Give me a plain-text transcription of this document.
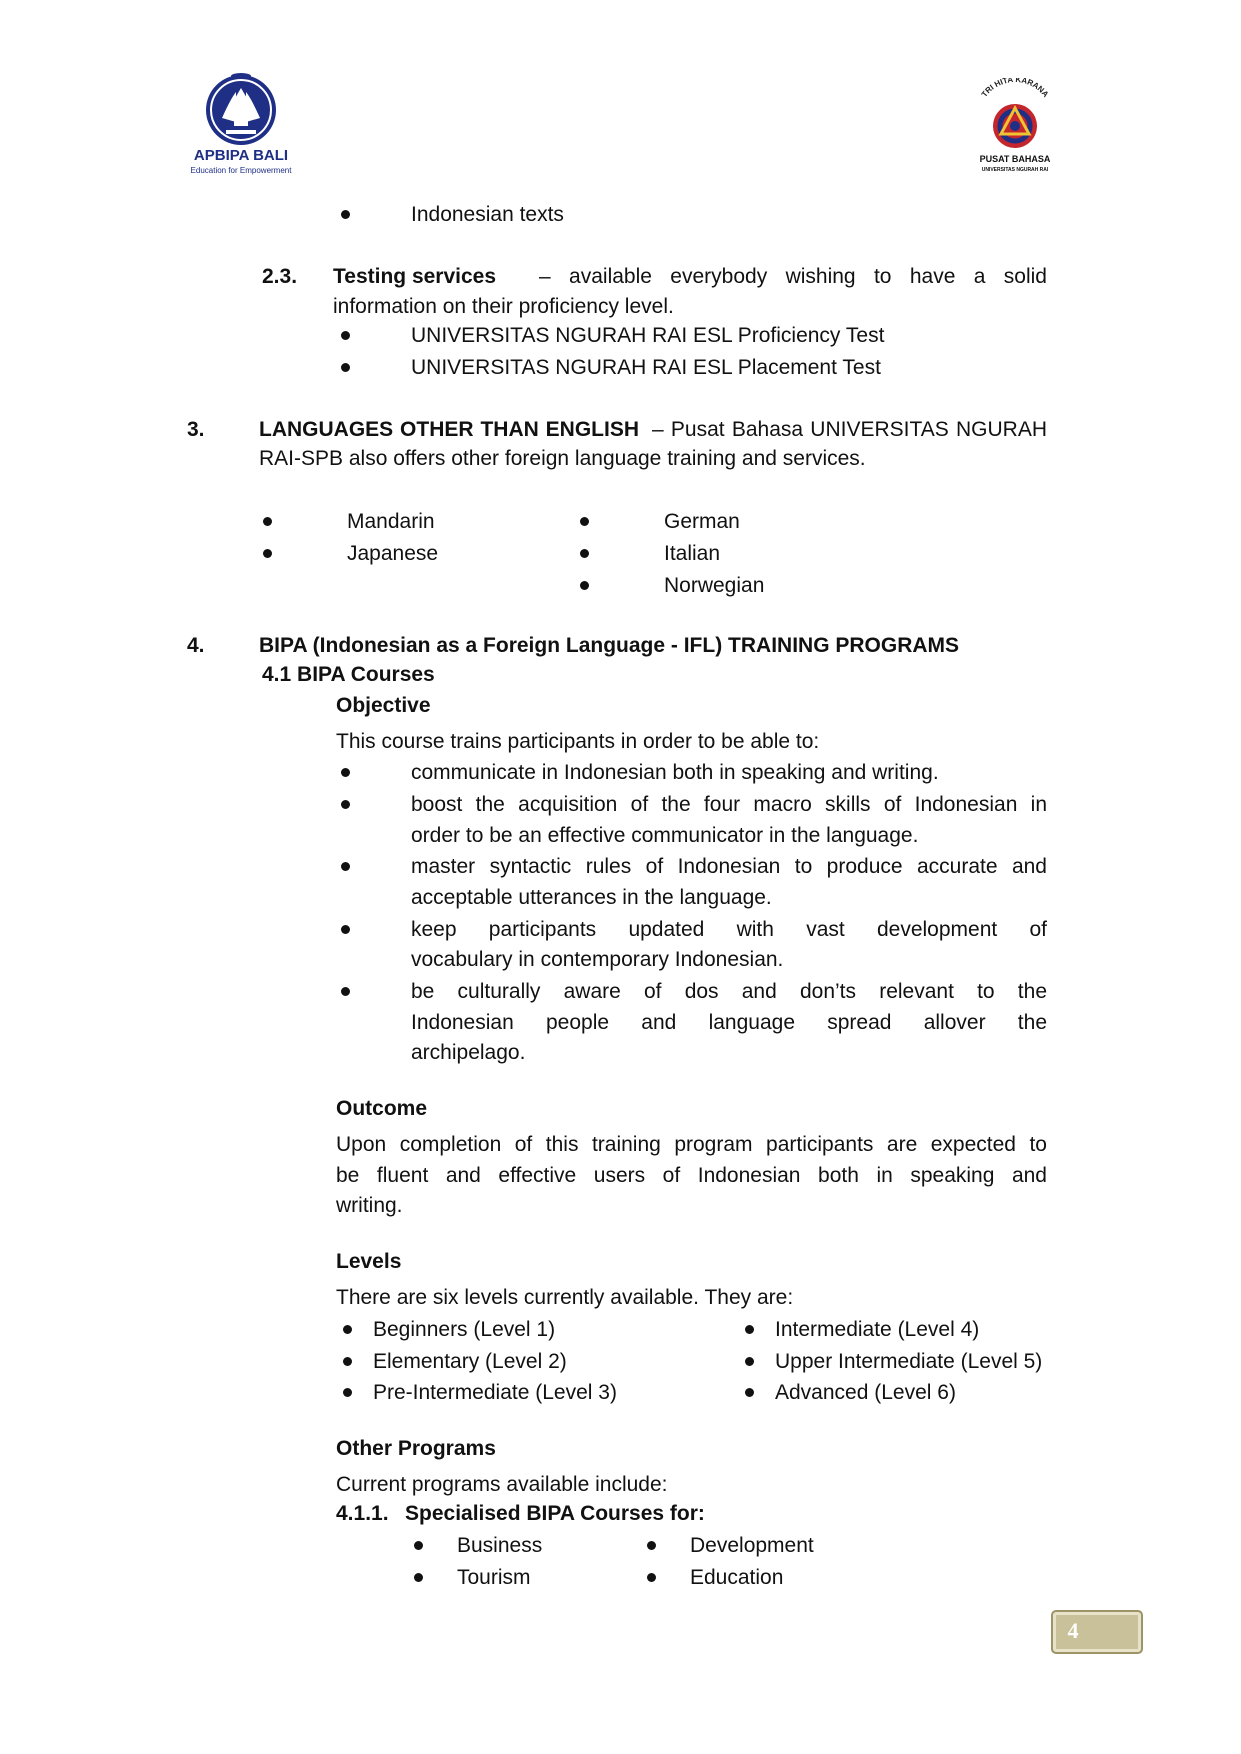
APBIPA BALI
Education for Empowerment
TRI HITA KARANA
PUSAT BAHASA
UNIVERSITAS NGURAH RAI
Indonesian texts
2.3. Testing services – available everybody wishing to have a solid
information on their proficiency level.
UNIVERSITAS NGURAH RAI ESL Proficiency Test
UNIVERSITAS NGURAH RAI ESL Placement Test
3.	LANGUAGES OTHER THAN ENGLISH – Pusat Bahasa UNIVERSITAS NGURAH
RAI-SPB also offers other foreign language training and services.
Mandarin
Japanese
German
Italian
Norwegian
4.	BIPA (Indonesian as a Foreign Language - IFL) TRAINING PROGRAMS
4.1 BIPA Courses
Objective
This course trains participants in order to be able to:
communicate in Indonesian both in speaking and writing.
boost the acquisition of the four macro skills of Indonesian in
order to be an effective communicator in the language.
master syntactic rules of Indonesian to produce accurate and
acceptable utterances in the language.
keep participants updated with vast development of
vocabulary in contemporary Indonesian.
be culturally aware of dos and don’ts relevant to the
Indonesian people and language spread allover the
archipelago.
Outcome
Upon completion of this training program participants are expected to
be fluent and effective users of Indonesian both in speaking and
writing.
Levels
There are six levels currently available. They are:
Beginners (Level 1)
Elementary (Level 2)
Pre-Intermediate (Level 3)
Intermediate (Level 4)
Upper Intermediate (Level 5)
Advanced (Level 6)
Other Programs
Current programs available include:
4.1.1. Specialised BIPA Courses for:
Business
Tourism
Development
Education
4
